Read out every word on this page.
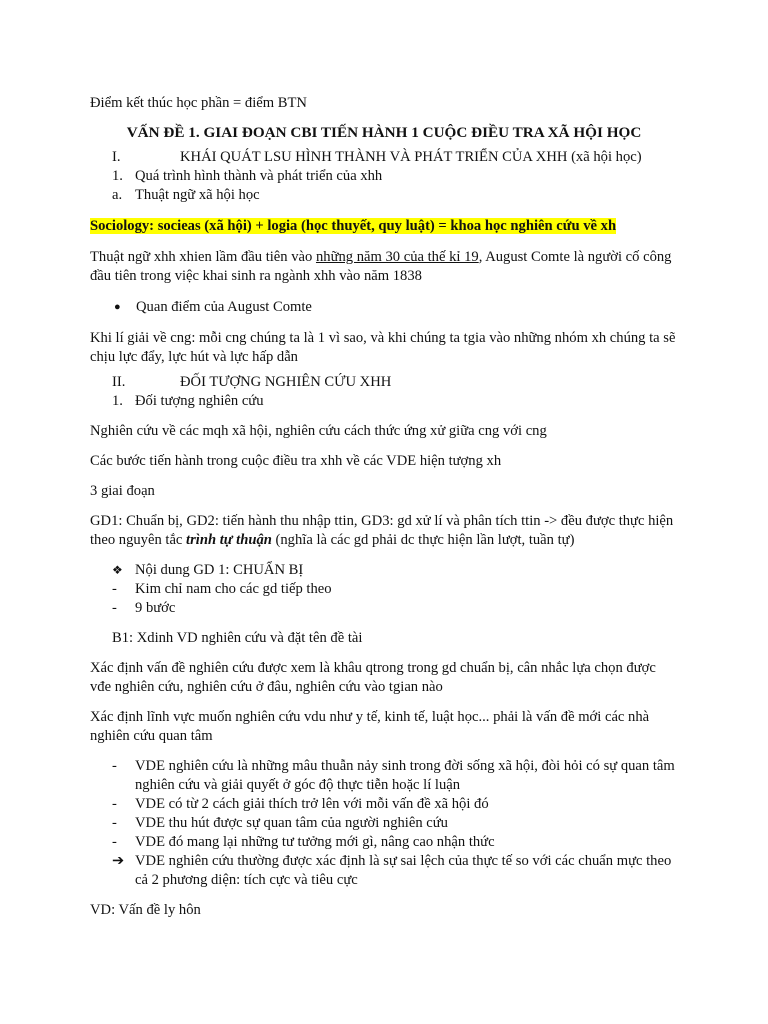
Điểm kết thúc học phần = điểm BTN

VẤN ĐỀ 1. GIAI ĐOẠN CBI TIẾN HÀNH 1 CUỘC ĐIỀU TRA XÃ HỘI HỌC

I.	KHÁI QUÁT LSU HÌNH THÀNH VÀ PHÁT TRIỂN CỦA XHH (xã hội học)
1. Quá trình hình thành và phát triển của xhh
a. Thuật ngữ xã hội học

Sociology: socieas (xã hội) + logia (học thuyết, quy luật) = khoa học nghiên cứu về xh

Thuật ngữ xhh xhien lầm đầu tiên vào những năm 30 của thế kỉ 19, August Comte là người cố công đầu tiên trong việc khai sinh ra ngành xhh vào năm 1838

●	Quan điểm của August Comte

Khi lí giải về cng: mỗi cng chúng ta là 1 vì sao, và khi chúng ta tgia vào những nhóm xh chúng ta sẽ chịu lực đẩy, lực hút và lực hấp dẫn

II.	ĐỐI TƯỢNG NGHIÊN CỨU XHH
1. Đối tượng nghiên cứu

Nghiên cứu về các mqh xã hội, nghiên cứu cách thức ứng xử giữa cng với cng

Các bước tiến hành trong cuộc điều tra xhh về các VDE hiện tượng xh

3 giai đoạn

GD1: Chuẩn bị, GD2: tiến hành thu nhập ttin, GD3: gd xử lí và phân tích ttin -> đều được thực hiện theo nguyên tắc trình tự thuận (nghĩa là các gd phải dc thực hiện lần lượt, tuần tự)

❖ Nội dung GD 1: CHUẨN BỊ
-	Kim chỉ nam cho các gd tiếp theo
-	9 bước

B1: Xdinh VD nghiên cứu và đặt tên đề tài

Xác định vấn đề nghiên cứu được xem là khâu qtrong trong gd chuẩn bị, cân nhắc lựa chọn được vđe nghiên cứu, nghiên cứu ở đâu, nghiên cứu vào tgian nào

Xác định lĩnh vực muốn nghiên cứu vdu như y tế, kinh tế, luật học... phải là vấn đề mới các nhà nghiên cứu quan tâm

-	VDE nghiên cứu là những mâu thuẫn nảy sinh trong đời sống xã hội, đòi hỏi có sự quan tâm nghiên cứu và giải quyết ở góc độ thực tiễn hoặc lí luận
-	VDE có từ 2 cách giải thích trở lên với mỗi vấn đề xã hội đó
-	VDE thu hút được sự quan tâm của người nghiên cứu
-	VDE đó mang lại những tư tưởng mới gì, nâng cao nhận thức
➔ VDE nghiên cứu thường được xác định là sự sai lệch của thực tế so với các chuẩn mực theo cả 2 phương diện: tích cực và tiêu cực

VD: Vấn đề ly hôn
